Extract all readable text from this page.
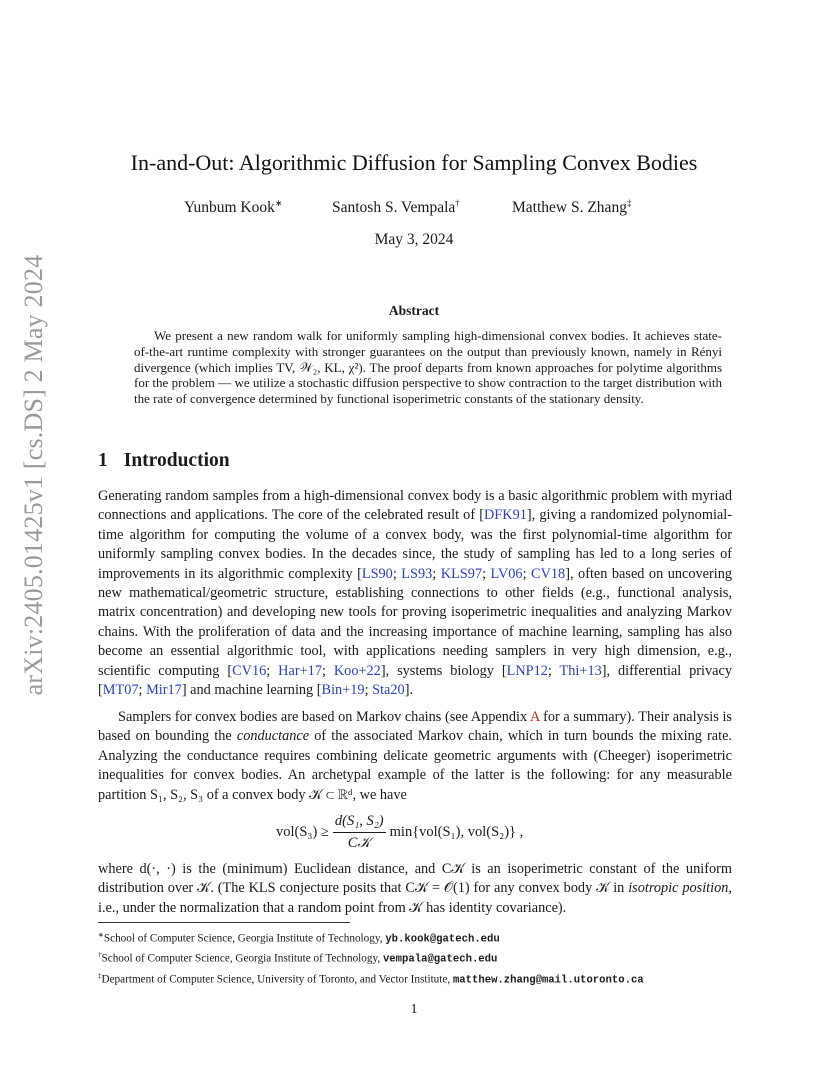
arXiv:2405.01425v1 [cs.DS] 2 May 2024
In-and-Out: Algorithmic Diffusion for Sampling Convex Bodies
Yunbum Kook∗	Santosh S. Vempala†	Matthew S. Zhang‡
May 3, 2024
Abstract
We present a new random walk for uniformly sampling high-dimensional convex bodies. It achieves state-of-the-art runtime complexity with stronger guarantees on the output than previously known, namely in Rényi divergence (which implies TV, 𝒲₂, KL, χ²). The proof departs from known approaches for polytime algorithms for the problem — we utilize a stochastic diffusion perspective to show contraction to the target distribution with the rate of convergence determined by functional isoperimetric constants of the stationary density.
1 Introduction
Generating random samples from a high-dimensional convex body is a basic algorithmic problem with myriad connections and applications. The core of the celebrated result of [DFK91], giving a randomized polynomial-time algorithm for computing the volume of a convex body, was the first polynomial-time algorithm for uniformly sampling convex bodies. In the decades since, the study of sampling has led to a long series of improvements in its algorithmic complexity [LS90; LS93; KLS97; LV06; CV18], often based on uncovering new mathematical/geometric structure, establishing connections to other fields (e.g., functional analysis, matrix concentration) and developing new tools for proving isoperimetric inequalities and analyzing Markov chains. With the proliferation of data and the increasing importance of machine learning, sampling has also become an essential algorithmic tool, with applications needing samplers in very high dimension, e.g., scientific computing [CV16; Har+17; Koo+22], systems biology [LNP12; Thi+13], differential privacy [MT07; Mir17] and machine learning [Bin+19; Sta20].
Samplers for convex bodies are based on Markov chains (see Appendix A for a summary). Their analysis is based on bounding the conductance of the associated Markov chain, which in turn bounds the mixing rate. Analyzing the conductance requires combining delicate geometric arguments with (Cheeger) isoperimetric inequalities for convex bodies. An archetypal example of the latter is the following: for any measurable partition S₁, S₂, S₃ of a convex body 𝒦 ⊂ ℝᵈ, we have
$vol(S_3) \ge \frac{\text{d(S₁, S₂)}}{\text{C𝒦}} \min\{vol(S_1)$, vol(S₂)} ,
where d(·, ·) is the (minimum) Euclidean distance, and C𝒦 is an isoperimetric constant of the uniform distribution over 𝒦. (The KLS conjecture posits that C𝒦 = 𝒪(1) for any convex body 𝒦 in isotropic position, i.e., under the normalization that a random point from 𝒦 has identity covariance).
∗School of Computer Science, Georgia Institute of Technology, yb.kook@gatech.edu
†School of Computer Science, Georgia Institute of Technology, vempala@gatech.edu
‡Department of Computer Science, University of Toronto, and Vector Institute, matthew.zhang@mail.utoronto.ca
1
